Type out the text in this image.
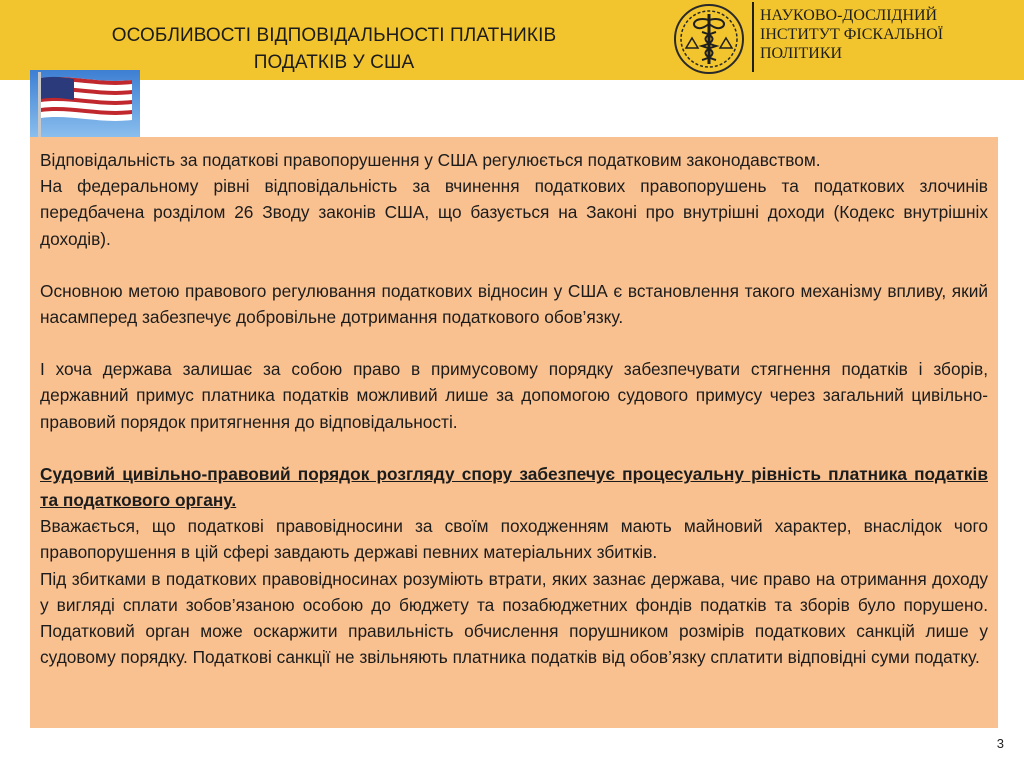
ОСОБЛИВОСТІ ВІДПОВІДАЛЬНОСТІ ПЛАТНИКІВ
ПОДАТКІВ У США
НАУКОВО-ДОСЛІДНИЙ
ІНСТИТУТ ФІСКАЛЬНОЇ
ПОЛІТИКИ

Відповідальність за податкові правопорушення у США регулюється податковим законодавством.

На федеральному рівні відповідальність за вчинення податкових правопорушень та податкових злочинів передбачена розділом 26 Зводу законів США, що базується на Законі про внутрішні доходи (Кодекс внутрішніх доходів).

Основною метою правового регулювання податкових відносин у США є встановлення такого механізму впливу, який насамперед забезпечує добровільне дотримання податкового обов’язку.

І хоча держава залишає за собою право в примусовому порядку забезпечувати стягнення податків і зборів, державний примус платника податків можливий лише за допомогою судового примусу через загальний цивільно-правовий порядок притягнення до відповідальності.

Судовий цивільно-правовий порядок розгляду спору забезпечує процесуальну рівність платника податків та податкового органу.

Вважається, що податкові правовідносини за своїм походженням мають майновий характер, внаслідок чого правопорушення в цій сфері завдають державі певних матеріальних збитків.

Під збитками в податкових правовідносинах розуміють втрати, яких зазнає держава, чиє право на отримання доходу у вигляді сплати зобов’язаною особою до бюджету та позабюджетних фондів податків та зборів було порушено. Податковий орган може оскаржити правильність обчислення порушником розмірів податкових санкцій лише у судовому порядку. Податкові санкції не звільняють платника податків від обов’язку сплатити відповідні суми податку.

3
